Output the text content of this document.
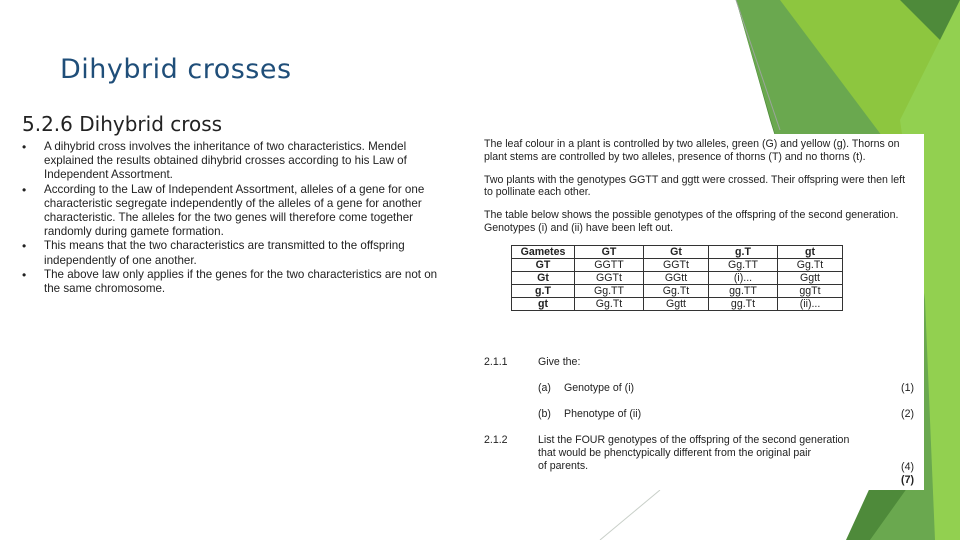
Dihybrid crosses
5.2.6 Dihybrid cross
• A dihybrid cross involves the inheritance of two characteristics. Mendel explained the results obtained dihybrid crosses according to his Law of Independent Assortment.
• According to the Law of Independent Assortment, alleles of a gene for one characteristic segregate independently of the alleles of a gene for another characteristic. The alleles for the two genes will therefore come together randomly during gamete formation.
• This means that the two characteristics are transmitted to the offspring independently of one another.
• The above law only applies if the genes for the two characteristics are not on the same chromosome.

The leaf colour in a plant is controlled by two alleles, green (G) and yellow (g). Thorns on plant stems are controlled by two alleles, presence of thorns (T) and no thorns (t).

Two plants with the genotypes GGTT and ggtt were crossed. Their offspring were then left to pollinate each other.

The table below shows the possible genotypes of the offspring of the second generation. Genotypes (i) and (ii) have been left out.

Gametes	GT	Gt	g.T	gt
GT	GGTT	GGTt	Gg.TT	Gg.Tt
Gt	GGTt	GGtt	(i)...	Ggtt
g.T	Gg.TT	Gg.Tt	gg.TT	ggTt
gt	Gg.Tt	Ggtt	gg.Tt	(ii)...
2.1.1	Give the:
(a) Genotype of (i)	(1)
(b) Phenotype of (ii)	(2)
2.1.2	List the FOUR genotypes of the offspring of the second generation
that would be phenctypically different from the original pair
of parents.	(4)
(7)
